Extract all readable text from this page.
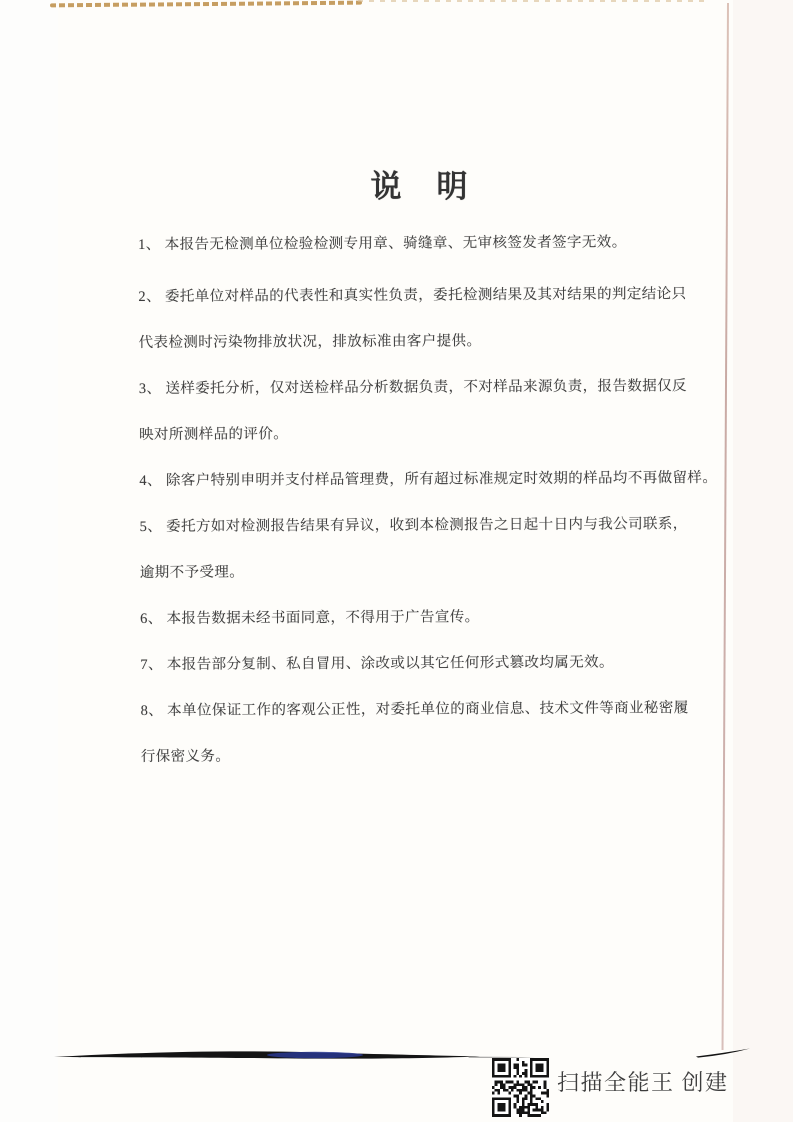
说　明
1、 本报告无检测单位检验检测专用章、骑缝章、无审核签发者签字无效。
2、 委托单位对样品的代表性和真实性负责，委托检测结果及其对结果的判定结论只
代表检测时污染物排放状况，排放标准由客户提供。
3、 送样委托分析，仅对送检样品分析数据负责，不对样品来源负责，报告数据仅反
映对所测样品的评价。
4、 除客户特别申明并支付样品管理费，所有超过标准规定时效期的样品均不再做留样。
5、 委托方如对检测报告结果有异议，收到本检测报告之日起十日内与我公司联系，
逾期不予受理。
6、 本报告数据未经书面同意，不得用于广告宣传。
7、 本报告部分复制、私自冒用、涂改或以其它任何形式篡改均属无效。
8、 本单位保证工作的客观公正性，对委托单位的商业信息、技术文件等商业秘密履
行保密义务。
扫描全能王 创建
